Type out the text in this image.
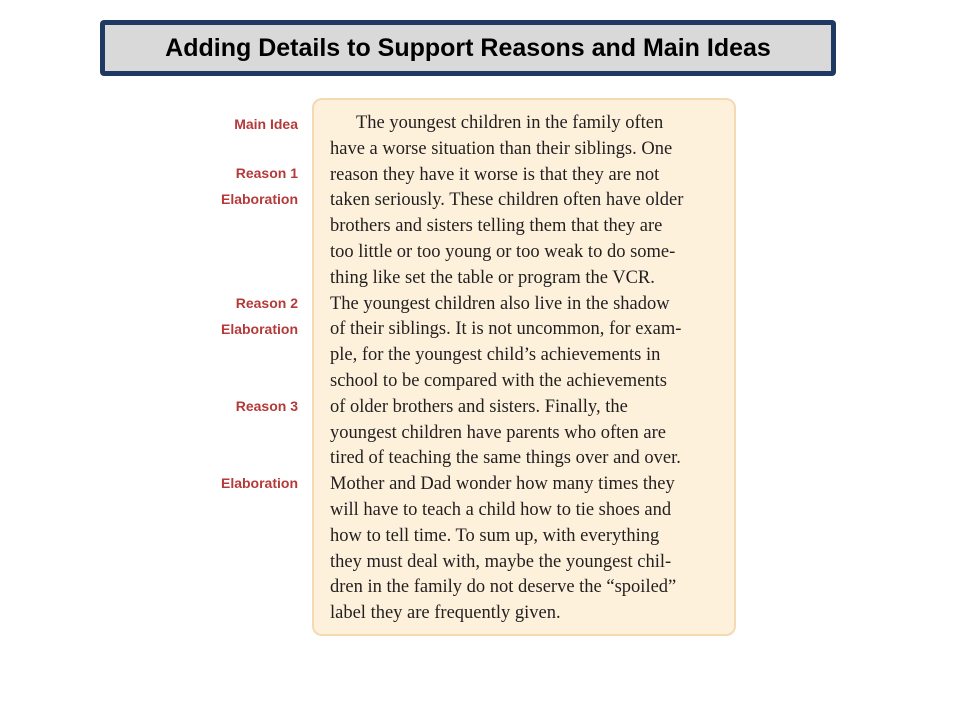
Adding Details to Support Reasons and Main Ideas
Main Idea
Reason 1
Elaboration
Reason 2
Elaboration
Reason 3
Elaboration

The youngest children in the family often

have a worse situation than their siblings. One

reason they have it worse is that they are not

taken seriously. These children often have older

brothers and sisters telling them that they are

too little or too young or too weak to do some-

thing like set the table or program the VCR.

The youngest children also live in the shadow

of their siblings. It is not uncommon, for exam-

ple, for the youngest child’s achievements in

school to be compared with the achievements

of older brothers and sisters. Finally, the

youngest children have parents who often are

tired of teaching the same things over and over.

Mother and Dad wonder how many times they

will have to teach a child how to tie shoes and

how to tell time. To sum up, with everything

they must deal with, maybe the youngest chil-

dren in the family do not deserve the “spoiled”

label they are frequently given.
